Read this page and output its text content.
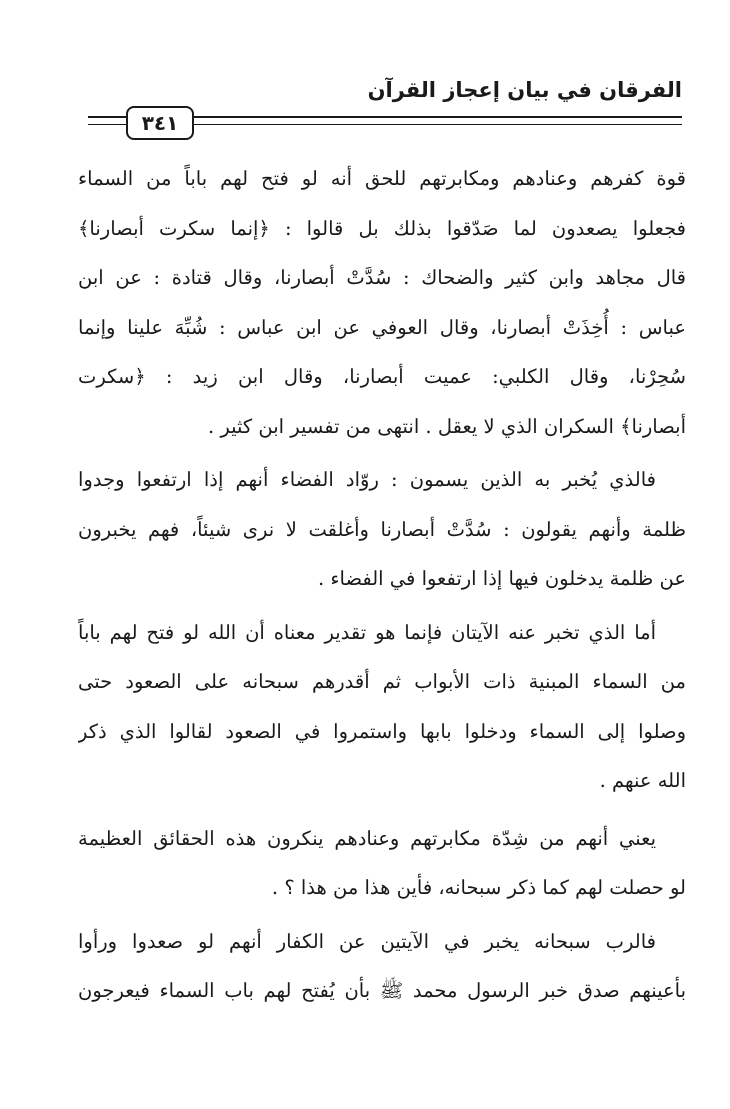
الفرقان في بيان إعجاز القرآن
٣٤١
قوة كفرهم وعنادهم ومكابرتهم للحق أنه لو فتح لهم باباً من السماء
فجعلوا يصعدون لما صَدّقوا بذلك بل قالوا : ﴿إنما سكرت أبصارنا﴾
قال مجاهد وابن كثير والضحاك : سُدَّتْ أبصارنا، وقال قتادة : عن ابن
عباس : أُخِذَتْ أبصارنا، وقال العوفي عن ابن عباس : شُبِّهَ علينا وإنما
سُحِرْنا، وقال الكلبي: عميت أبصارنا، وقال ابن زيد : ﴿سكرت
أبصارنا﴾ السكران الذي لا يعقل . انتهى من تفسير ابن كثير .
فالذي يُخبر به الذين يسمون : روّاد الفضاء أنهم إذا ارتفعوا وجدوا
ظلمة وأنهم يقولون : سُدَّتْ أبصارنا وأغلقت لا نرى شيئاً، فهم يخبرون
عن ظلمة يدخلون فيها إذا ارتفعوا في الفضاء .
أما الذي تخبر عنه الآيتان فإنما هو تقدير معناه أن الله لو فتح لهم باباً
من السماء المبنية ذات الأبواب ثم أقدرهم سبحانه على الصعود حتى
وصلوا إلى السماء ودخلوا بابها واستمروا في الصعود لقالوا الذي ذكر
الله عنهم .
يعني أنهم من شِدّة مكابرتهم وعنادهم ينكرون هذه الحقائق العظيمة
لو حصلت لهم كما ذكر سبحانه، فأين هذا من هذا ؟ .
فالرب سبحانه يخبر في الآيتين عن الكفار أنهم لو صعدوا ورأوا
بأعينهم صدق خبر الرسول محمد ﷺ بأن يُفتح لهم باب السماء فيعرجون
